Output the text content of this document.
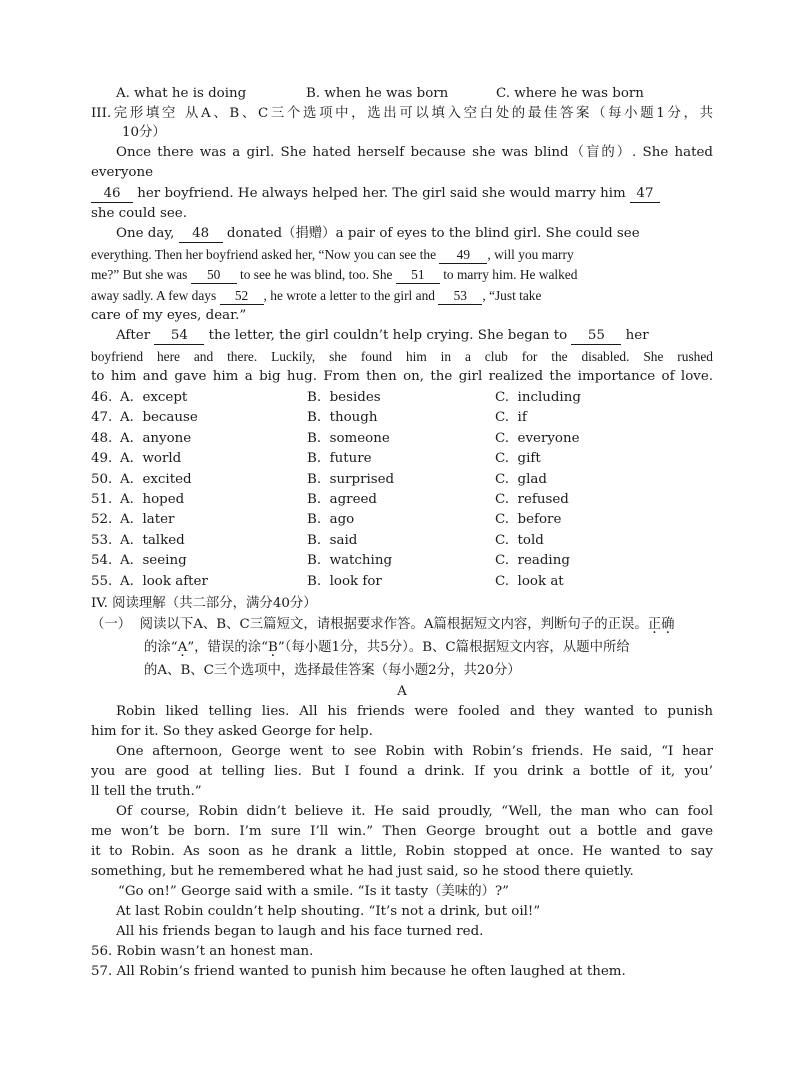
A. what he is doing	B. when he was born	C. where he was born
III.完形填空 从A、B、C三个选项中，选出可以填入空白处的最佳答案（每小题1分，共
10分）
Once there was a girl. She hated herself because she was blind（盲的）. She hated
everyone
46 her boyfriend. He always helped her. The girl said she would marry him 47
she could see.
One day, 48 donated（捐赠）a pair of eyes to the blind girl. She could see
everything. Then her boyfriend asked her, “Now you can see the 49 , will you marry
me?” But she was 50 to see he was blind, too. She 51 to marry him. He walked
away sadly. A few days 52 , he wrote a letter to the girl and 53 , “Just take
care of my eyes, dear.”
After 54 the letter, the girl couldn’t help crying. She began to 55 her
boyfriend here and there. Luckily, she found him in a club for the disabled. She rushed
to him and gave him a big hug. From then on, the girl realized the importance of love.
46. A.  except	B.  besides	C.  including
47. A.  because	B.  though	C.  if
48. A.  anyone	B.  someone	C.  everyone
49. A.  world	B.  future	C.  gift
50. A.  excited	B.  surprised	C.  glad
51. A.  hoped	B.  agreed	C.  refused
52. A.  later	B.  ago	C.  before
53. A.  talked	B.  said	C.  told
54. A.  seeing	B.  watching	C.  reading
55. A.  look after	B.  look for	C.  look at
IV. 阅读理解（共二部分，满分40分）
（一）  阅读以下A、B、C三篇短文，请根据要求作答。A篇根据短文内容，判断句子的正误。正确
的涂“A ·”，错误的涂“B ·”（每小题1分，共5分）。B、C篇根据短文内容，从题中所给
的A、B、C三个选项中，选择最佳答案（每小题2分，共20分）
A
Robin liked telling lies. All his friends were fooled and they wanted to punish
him for it. So they asked George for help.
One afternoon, George went to see Robin with Robin’s friends. He said, “I hear
you are good at telling lies. But I found a drink. If you drink a bottle of it, you’
ll tell the truth.”
Of course, Robin didn’t believe it. He said proudly, “Well, the man who can fool
me won’t be born. I’m sure I’ll win.” Then George brought out a bottle and gave
it to Robin. As soon as he drank a little, Robin stopped at once. He wanted to say
something, but he remembered what he had just said, so he stood there quietly.
“Go on!” George said with a smile. “Is it tasty（美味的）?”
At last Robin couldn’t help shouting. “It’s not a drink, but oil!”
All his friends began to laugh and his face turned red.
56. Robin wasn’t an honest man.
57. All Robin’s friend wanted to punish him because he often laughed at them.
